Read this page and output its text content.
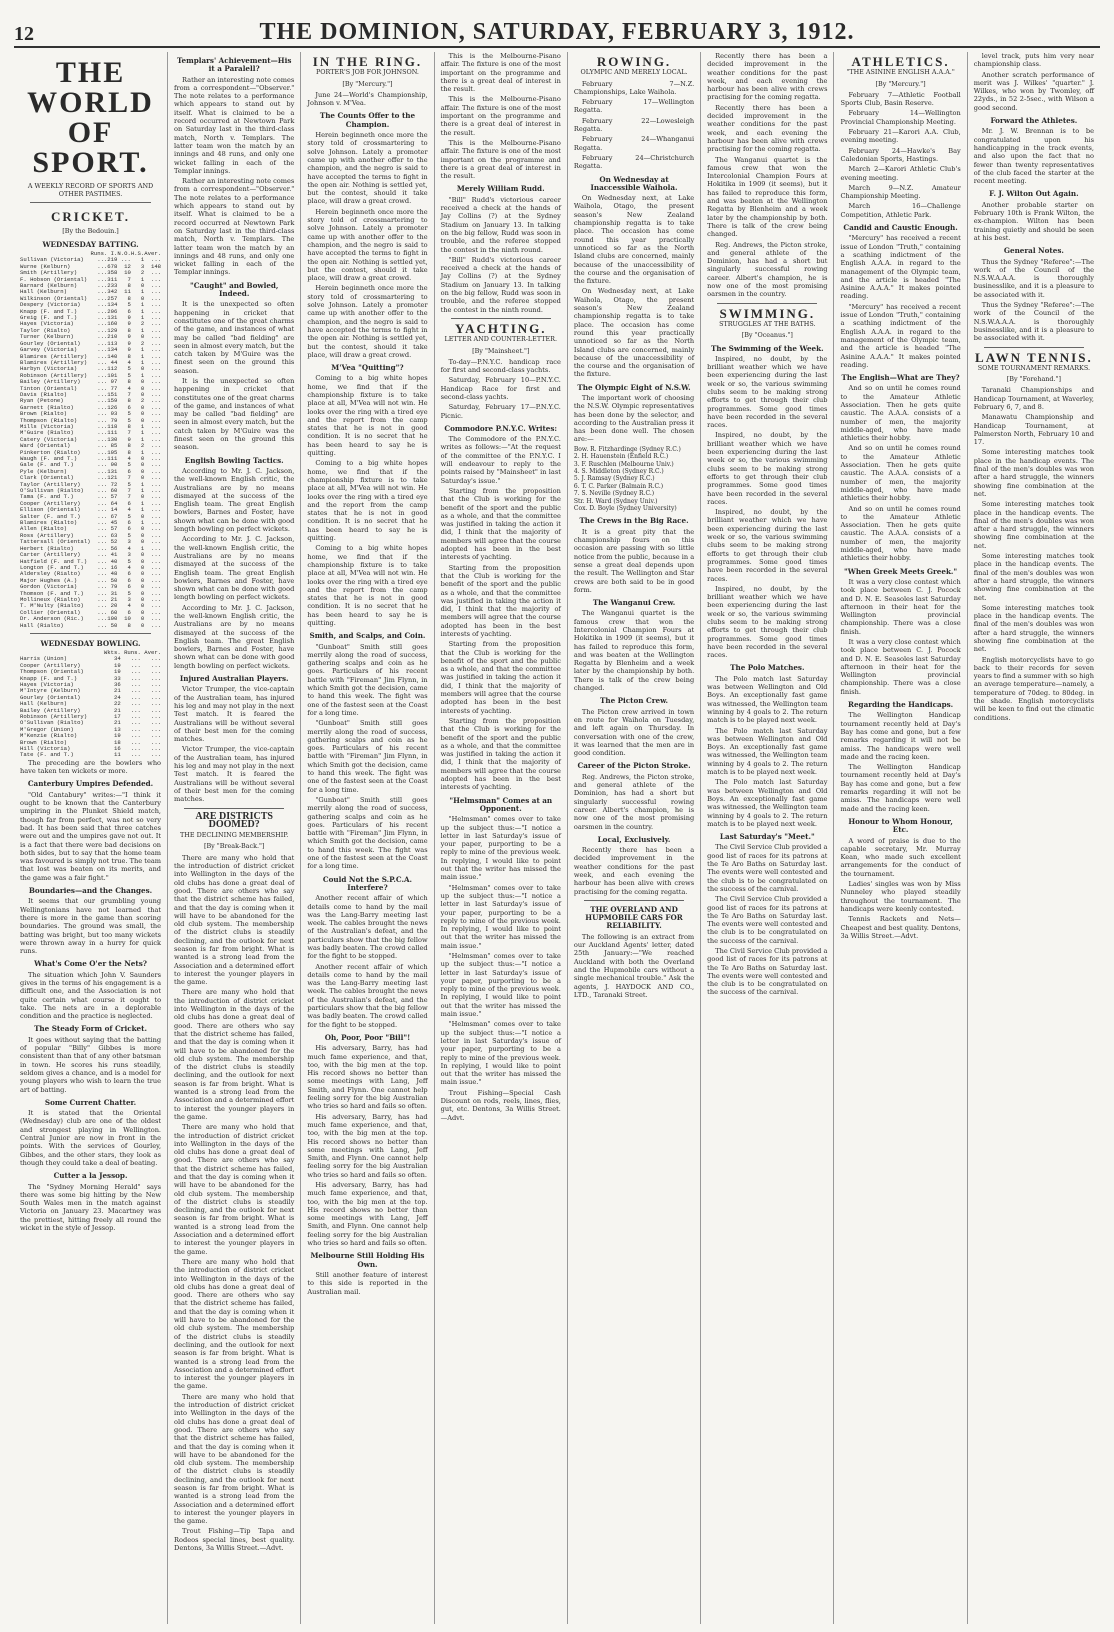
12	THE DOMINION, SATURDAY, FEBRUARY 3, 1912.
THE WORLD OF SPORT.
A WEEKLY RECORD OF SPORTS AND OTHER PASTIMES.
CRICKET.
[By the Bedouin.]
WEDNESDAY BATTING.
	Runs.	I.	N.O.	H.S.	Aver.
Sullivan (Victoria)	...	219	...	1	...
Wurne (Kelburn)	...	678	12	3	148
Smith (Artillery)	...	358	10	2	...
F. Hobson (Oriental)	...	311	7	1	...
Barnard (Kelburn)	...	233	8	0	...
Hall (Kelburn)	...	342	11	1	...
Wilkinson (Oriental)	...	257	8	0	...
Despery (Victoria)	...	134	5	1	...
Knapp (F. and T.)	...	206	6	1	...
Greig (F. and T.)	...	131	9	1	...
Hayes (Victoria)	...	160	9	2	...
Taylor (Rialto)	...	129	8	1	...
Turner (Kelburn)	...	210	9	0	...
Gourley (Oriental)	...	113	9	2	...
Garvey (Victoria)	...	134	9	1	...
Blamires (Artillery)	...	140	8	1	...
Blamires (Artillery)	...	44	4	1	...
Harbyn (Victoria)	...	112	5	0	...
Robinson (Artillery)	...	101	5	1	...
Bailey (Artillery)	...	97	8	0	...
Tinton (Oriental)	...	77	4	0	...
Davis (Rialto)	...	151	7	0	...
Ryan (Petone)	...	159	8	2	...
Garnett (Rialto)	...	126	6	0	...
Brown (Rialto)	...	93	5	0	...
Thompson (Rialto)	...	79	5	0	...
Mills (Victoria)	...	118	8	1	...
M'Guire (Rialto)	...	111	7	1	...
Catery (Victoria)	...	130	9	1	...
Ward (Oriental)	...	85	8	2	...
Pinkerton (Rialto)	...	105	8	1	...
Waugh (F. and T.)	...	111	4	0	...
Gale (F. and T.)	...	90	5	0	...
Pyle (Kelburn)	...	131	6	0	...
Clark (Oriental)	...	121	7	0	...
Taylor (Artillery)	...	72	5	1	...
O'Sullivan (Rialto)	...	60	7	1	...
Tama (F. and T.)	...	57	7	0	...
Cooper (Artillery)	...	64	6	1	...
Ellison (Oriental)	...	14	4	1	...
Salter (F. and T.)	...	67	5	0	...
Blamires (Rialto)	...	45	6	1	...
Allen (Rialto)	...	57	6	0	...
Ross (Artillery)	...	63	5	0	...
Tattersall (Oriental)	...	52	3	0	...
Herbert (Rialto)	...	56	4	1	...
Carter (Artillery)	...	41	3	0	...
Hatfield (F. and T.)	...	40	5	0	...
Longton (F. and T.)	...	16	4	0	...
Aldersley (Rialto)	...	48	6	0	...
Major Hughes (A.)	...	50	6	0	...
Gordon (Victoria)	...	79	6	0	...
Thomson (F. and T.)	...	31	5	0	...
Mollineux (Rialto)	...	21	3	0	...
T. M'Nulty (Rialto)	...	20	4	0	...
Collier (Oriental)	...	60	6	0	...
Dr. Anderson (Ric.)	...	100	10	0	...
Hall (Rialto)	...	50	8	0	...
WEDNESDAY BOWLING.
	Wkts.	Runs.	Aver.
Harris (Union)	34	...	...
Cooper (Artillery)	19	...	...
Thompson (Oriental)	19	...	...
Knapp (F. and T.)	33	...	...
Hayes (Victoria)	36	...	...
M'Intyre (Kelburn)	21	...	...
Gourley (Oriental)	24	...	...
Hall (Kelburn)	22	...	...
Bailey (Artillery)	21	...	...
Robinson (Artillery)	17	...	...
O'Sullivan (Rialto)	21	...	...
M'Gregor (Union)	13	...	...
M'Kenzie (Rialto)	19	...	...
Brown (Rialto)	18	...	...
Hill (Victoria)	16	...	...
Tate (F. and T.)	11	...	...

The preceding are the bowlers who have taken ten wickets or more.

Canterbury Umpires Defended.

"Old Cantabury" writes:—"I think it ought to be known that the Canterbury umpiring in the Plunket Shield match, though far from perfect, was not so very bad. It has been said that three catches were out and the umpires gave not out. It is a fact that there were bad decisions on both sides, but to say that the home team was favoured is simply not true. The team that lost was beaten on its merits, and the game was a fair fight."

Boundaries—and the Changes.

It seems that our grumbling young Wellingtonians have not learned that there is more in the game than scoring boundaries. The ground was small, the batting was bright, but too many wickets were thrown away in a hurry for quick runs.

What's Come O'er the Nets?

The situation which John V. Saunders gives in the terms of his engagement is a difficult one, and the Association is not quite certain what course it ought to take. The nets are in a deplorable condition and the practice is neglected.

The Steady Form of Cricket.

It goes without saying that the batting of popular "Billy" Gibbes is more consistent than that of any other batsman in town. He scores his runs steadily, seldom gives a chance, and is a model for young players who wish to learn the true art of batting.

Some Current Chatter.

It is stated that the Oriental (Wednesday) club are one of the oldest and strongest playing in Wellington. Central Junior are now in front in the points. With the services of Gourley, Gibbes, and the other stars, they look as though they could take a deal of beating.

Cutter a la Jessop.

The "Sydney Morning Herald" says there was some big hitting by the New South Wales men in the match against Victoria on January 23. Macartney was the prettiest, hitting freely all round the wicket in the style of Jessop.

Templars' Achievement—His it a Paralell?

Rather an interesting note comes from a correspondent—"Observer." The note relates to a performance which appears to stand out by itself. What is claimed to be a record occurred at Newtown Park on Saturday last in the third-class match, North v. Templars. The latter team won the match by an innings and 48 runs, and only one wicket falling in each of the Templar innings.

Rather an interesting note comes from a correspondent—"Observer." The note relates to a performance which appears to stand out by itself. What is claimed to be a record occurred at Newtown Park on Saturday last in the third-class match, North v. Templars. The latter team won the match by an innings and 48 runs, and only one wicket falling in each of the Templar innings.

"Caught" and Bowled, Indeed.

It is the unexpected so often happening in cricket that constitutes one of the great charms of the game, and instances of what may be called "bad fielding" are seen in almost every match, but the catch taken by M'Guire was the finest seen on the ground this season.

It is the unexpected so often happening in cricket that constitutes one of the great charms of the game, and instances of what may be called "bad fielding" are seen in almost every match, but the catch taken by M'Guire was the finest seen on the ground this season.

English Bowling Tactics.

According to Mr. J. C. Jackson, the well-known English critic, the Australians are by no means dismayed at the success of the English team. The great English bowlers, Barnes and Foster, have shown what can be done with good length bowling on perfect wickets.

According to Mr. J. C. Jackson, the well-known English critic, the Australians are by no means dismayed at the success of the English team. The great English bowlers, Barnes and Foster, have shown what can be done with good length bowling on perfect wickets.

According to Mr. J. C. Jackson, the well-known English critic, the Australians are by no means dismayed at the success of the English team. The great English bowlers, Barnes and Foster, have shown what can be done with good length bowling on perfect wickets.

Injured Australian Players.

Victor Trumper, the vice-captain of the Australian team, has injured his leg and may not play in the next Test match. It is feared the Australians will be without several of their best men for the coming matches.

Victor Trumper, the vice-captain of the Australian team, has injured his leg and may not play in the next Test match. It is feared the Australians will be without several of their best men for the coming matches.

ARE DISTRICTS DOOMED?
THE DECLINING MEMBERSHIP.
[By "Break-Back."]

There are many who hold that the introduction of district cricket into Wellington in the days of the old clubs has done a great deal of good. There are others who say that the district scheme has failed, and that the day is coming when it will have to be abandoned for the old club system. The membership of the district clubs is steadily declining, and the outlook for next season is far from bright. What is wanted is a strong lead from the Association and a determined effort to interest the younger players in the game.

There are many who hold that the introduction of district cricket into Wellington in the days of the old clubs has done a great deal of good. There are others who say that the district scheme has failed, and that the day is coming when it will have to be abandoned for the old club system. The membership of the district clubs is steadily declining, and the outlook for next season is far from bright. What is wanted is a strong lead from the Association and a determined effort to interest the younger players in the game.

There are many who hold that the introduction of district cricket into Wellington in the days of the old clubs has done a great deal of good. There are others who say that the district scheme has failed, and that the day is coming when it will have to be abandoned for the old club system. The membership of the district clubs is steadily declining, and the outlook for next season is far from bright. What is wanted is a strong lead from the Association and a determined effort to interest the younger players in the game.

There are many who hold that the introduction of district cricket into Wellington in the days of the old clubs has done a great deal of good. There are others who say that the district scheme has failed, and that the day is coming when it will have to be abandoned for the old club system. The membership of the district clubs is steadily declining, and the outlook for next season is far from bright. What is wanted is a strong lead from the Association and a determined effort to interest the younger players in the game.

There are many who hold that the introduction of district cricket into Wellington in the days of the old clubs has done a great deal of good. There are others who say that the district scheme has failed, and that the day is coming when it will have to be abandoned for the old club system. The membership of the district clubs is steadily declining, and the outlook for next season is far from bright. What is wanted is a strong lead from the Association and a determined effort to interest the younger players in the game.

Trout Fishing—Tip Tapa and Rodeos special lines, best quality. Dentons, 3a Willis Street.—Advt.

IN THE RING.
PORTER'S JOB FOR JOHNSON.
[By "Mercury."]

June 24—World's Championship, Johnson v. M'Vea.

The Counts Offer to the Champion.

Herein beginneth once more the story told of crossmartering to solve Johnson. Lately a promoter came up with another offer to the champion, and the negro is said to have accepted the terms to fight in the open air. Nothing is settled yet, but the contest, should it take place, will draw a great crowd.

Herein beginneth once more the story told of crossmartering to solve Johnson. Lately a promoter came up with another offer to the champion, and the negro is said to have accepted the terms to fight in the open air. Nothing is settled yet, but the contest, should it take place, will draw a great crowd.

Herein beginneth once more the story told of crossmartering to solve Johnson. Lately a promoter came up with another offer to the champion, and the negro is said to have accepted the terms to fight in the open air. Nothing is settled yet, but the contest, should it take place, will draw a great crowd.

M'Vea "Quitting"?

Coming to a big white hopes home, we find that if the championship fixture is to take place at all, M'Vea will not win. He looks over the ring with a tired eye and the report from the camp states that he is not in good condition. It is no secret that he has been heard to say he is quitting.

Coming to a big white hopes home, we find that if the championship fixture is to take place at all, M'Vea will not win. He looks over the ring with a tired eye and the report from the camp states that he is not in good condition. It is no secret that he has been heard to say he is quitting.

Coming to a big white hopes home, we find that if the championship fixture is to take place at all, M'Vea will not win. He looks over the ring with a tired eye and the report from the camp states that he is not in good condition. It is no secret that he has been heard to say he is quitting.

Smith, and Scalps, and Coin.

"Gunboat" Smith still goes merrily along the road of success, gathering scalps and coin as he goes. Particulars of his recent battle with "Fireman" Jim Flynn, in which Smith got the decision, came to hand this week. The fight was one of the fastest seen at the Coast for a long time.

"Gunboat" Smith still goes merrily along the road of success, gathering scalps and coin as he goes. Particulars of his recent battle with "Fireman" Jim Flynn, in which Smith got the decision, came to hand this week. The fight was one of the fastest seen at the Coast for a long time.

"Gunboat" Smith still goes merrily along the road of success, gathering scalps and coin as he goes. Particulars of his recent battle with "Fireman" Jim Flynn, in which Smith got the decision, came to hand this week. The fight was one of the fastest seen at the Coast for a long time.

Could Not the S.P.C.A. Interfere?

Another recent affair of which details come to hand by the mail was the Lang-Barry meeting last week. The cables brought the news of the Australian's defeat, and the particulars show that the big fellow was badly beaten. The crowd called for the fight to be stopped.

Another recent affair of which details come to hand by the mail was the Lang-Barry meeting last week. The cables brought the news of the Australian's defeat, and the particulars show that the big fellow was badly beaten. The crowd called for the fight to be stopped.

Oh, Poor, Poor "Bill"!

His adversary, Barry, has had much fame experience, and that, too, with the big men at the top. His record shows no better than some meetings with Lang, Jeff Smith, and Flynn. One cannot help feeling sorry for the big Australian who tries so hard and fails so often.

His adversary, Barry, has had much fame experience, and that, too, with the big men at the top. His record shows no better than some meetings with Lang, Jeff Smith, and Flynn. One cannot help feeling sorry for the big Australian who tries so hard and fails so often.

His adversary, Barry, has had much fame experience, and that, too, with the big men at the top. His record shows no better than some meetings with Lang, Jeff Smith, and Flynn. One cannot help feeling sorry for the big Australian who tries so hard and fails so often.

Melbourne Still Holding His Own.

Still another feature of interest to this side is reported in the Australian mail.

This is the Melbourne-Pisano affair. The fixture is one of the most important on the programme and there is a great deal of interest in the result.

This is the Melbourne-Pisano affair. The fixture is one of the most important on the programme and there is a great deal of interest in the result.

This is the Melbourne-Pisano affair. The fixture is one of the most important on the programme and there is a great deal of interest in the result.

Merely William Rudd.

"Bill" Rudd's victorious career received a check at the hands of Jay Collins (?) at the Sydney Stadium on January 13. In talking on the big fellow, Rudd was soon in trouble, and the referee stopped the contest in the ninth round.

"Bill" Rudd's victorious career received a check at the hands of Jay Collins (?) at the Sydney Stadium on January 13. In talking on the big fellow, Rudd was soon in trouble, and the referee stopped the contest in the ninth round.

YACHTING.
LETTER AND COUNTER-LETTER.
[By "Mainsheet."]

To-day—P.N.Y.C. handicap race for first and second-class yachts.

Saturday, February 10—P.N.Y.C. Handicap Race for first and second-class yachts.

Saturday, February 17—P.N.Y.C. Picnic.

Commodore P.N.Y.C. Writes:

The Commodore of the P.N.Y.C. writes as follows:—"At the request of the committee of the P.N.Y.C. I will endeavour to reply to the points raised by "Mainsheet" in last Saturday's issue."

Starting from the proposition that the Club is working for the benefit of the sport and the public as a whole, and that the committee was justified in taking the action it did, I think that the majority of members will agree that the course adopted has been in the best interests of yachting.

Starting from the proposition that the Club is working for the benefit of the sport and the public as a whole, and that the committee was justified in taking the action it did, I think that the majority of members will agree that the course adopted has been in the best interests of yachting.

Starting from the proposition that the Club is working for the benefit of the sport and the public as a whole, and that the committee was justified in taking the action it did, I think that the majority of members will agree that the course adopted has been in the best interests of yachting.

Starting from the proposition that the Club is working for the benefit of the sport and the public as a whole, and that the committee was justified in taking the action it did, I think that the majority of members will agree that the course adopted has been in the best interests of yachting.

"Helmsman" Comes at an Opponent.

"Helmsman" comes over to take up the subject thus:—"I notice a letter in last Saturday's issue of your paper, purporting to be a reply to mine of the previous week. In replying, I would like to point out that the writer has missed the main issue."

"Helmsman" comes over to take up the subject thus:—"I notice a letter in last Saturday's issue of your paper, purporting to be a reply to mine of the previous week. In replying, I would like to point out that the writer has missed the main issue."

"Helmsman" comes over to take up the subject thus:—"I notice a letter in last Saturday's issue of your paper, purporting to be a reply to mine of the previous week. In replying, I would like to point out that the writer has missed the main issue."

"Helmsman" comes over to take up the subject thus:—"I notice a letter in last Saturday's issue of your paper, purporting to be a reply to mine of the previous week. In replying, I would like to point out that the writer has missed the main issue."

Trout Fishing—Special Cash Discount on rods, reels, lines, flies, gut, etc. Dentons, 3a Willis Street.—Advt.

ROWING.
OLYMPIC AND MERELY LOCAL.

February 7—N.Z. Championships, Lake Waihola.

February 17—Wellington Regatta.

February 22—Lowesleigh Regatta.

February 24—Whanganui Regatta.

February 24—Christchurch Regatta.

On Wednesday at Inaccessible Waihola.

On Wednesday next, at Lake Waihola, Otago, the present season's New Zealand championship regatta is to take place. The occasion has come round this year practically unnoticed so far as the North Island clubs are concerned, mainly because of the unaccessibility of the course and the organisation of the fixture.

On Wednesday next, at Lake Waihola, Otago, the present season's New Zealand championship regatta is to take place. The occasion has come round this year practically unnoticed so far as the North Island clubs are concerned, mainly because of the unaccessibility of the course and the organisation of the fixture.

The Olympic Eight of N.S.W.

The important work of choosing the N.S.W. Olympic representatives has been done by the selector, and according to the Australian press it has been done well. The chosen are:—

Bow. R. Fitzhardinge (Sydney R.C.)
2. H. Hauenstein (Enfield R.C.)
3. F. Ruschlen (Melbourne Univ.)
4. S. Middleton (Sydney R.C.)
5. J. Ramsay (Sydney R.C.)
6. T. C. Parker (Balmain R.C.)
7. S. Neville (Sydney R.C.)
Str. H. Ward (Sydney Univ.)
Cox. D. Boyle (Sydney University)
The Crews in the Big Race.

It is a great pity that the championship fours on this occasion are passing with so little notice from the public, because in a sense a great deal depends upon the result. The Wellington and Star crews are both said to be in good form.

The Wanganui Crew.

The Wanganui quartet is the famous crew that won the Intercolonial Champion Fours at Hokitika in 1909 (it seems), but it has failed to reproduce this form, and was beaten at the Wellington Regatta by Blenheim and a week later by the championship by both. There is talk of the crew being changed.

The Picton Crew.

The Picton crew arrived in town en route for Waihola on Tuesday, and left again on Thursday. In conversation with one of the crew, it was learned that the men are in good condition.

Career of the Picton Stroke.

Reg. Andrews, the Picton stroke, and general athlete of the Dominion, has had a short but singularly successful rowing career. Albert's champion, he is now one of the most promising oarsmen in the country.

Local, Exclusively.

Recently there has been a decided improvement in the weather conditions for the past week, and each evening the harbour has been alive with crews practising for the coming regatta.

THE OVERLAND AND HUPMOBILE CARS FOR RELIABILITY.

The following is an extract from our Auckland Agents' letter, dated 25th January:—"We reached Auckland with both the Overland and the Hupmobile cars without a single mechanical trouble." Ask the agents, J. HAYDOCK AND CO., LTD., Taranaki Street.

Recently there has been a decided improvement in the weather conditions for the past week, and each evening the harbour has been alive with crews practising for the coming regatta.

Recently there has been a decided improvement in the weather conditions for the past week, and each evening the harbour has been alive with crews practising for the coming regatta.

The Wanganui quartet is the famous crew that won the Intercolonial Champion Fours at Hokitika in 1909 (it seems), but it has failed to reproduce this form, and was beaten at the Wellington Regatta by Blenheim and a week later by the championship by both. There is talk of the crew being changed.

Reg. Andrews, the Picton stroke, and general athlete of the Dominion, has had a short but singularly successful rowing career. Albert's champion, he is now one of the most promising oarsmen in the country.

SWIMMING.
STRUGGLES AT THE BATHS.
[By "Oceanus."]
The Swimming of the Week.

Inspired, no doubt, by the brilliant weather which we have been experiencing during the last week or so, the various swimming clubs seem to be making strong efforts to get through their club programmes. Some good times have been recorded in the several races.

Inspired, no doubt, by the brilliant weather which we have been experiencing during the last week or so, the various swimming clubs seem to be making strong efforts to get through their club programmes. Some good times have been recorded in the several races.

Inspired, no doubt, by the brilliant weather which we have been experiencing during the last week or so, the various swimming clubs seem to be making strong efforts to get through their club programmes. Some good times have been recorded in the several races.

Inspired, no doubt, by the brilliant weather which we have been experiencing during the last week or so, the various swimming clubs seem to be making strong efforts to get through their club programmes. Some good times have been recorded in the several races.

The Polo Matches.

The Polo match last Saturday was between Wellington and Old Boys. An exceptionally fast game was witnessed, the Wellington team winning by 4 goals to 2. The return match is to be played next week.

The Polo match last Saturday was between Wellington and Old Boys. An exceptionally fast game was witnessed, the Wellington team winning by 4 goals to 2. The return match is to be played next week.

The Polo match last Saturday was between Wellington and Old Boys. An exceptionally fast game was witnessed, the Wellington team winning by 4 goals to 2. The return match is to be played next week.

Last Saturday's "Meet."

The Civil Service Club provided a good list of races for its patrons at the Te Aro Baths on Saturday last. The events were well contested and the club is to be congratulated on the success of the carnival.

The Civil Service Club provided a good list of races for its patrons at the Te Aro Baths on Saturday last. The events were well contested and the club is to be congratulated on the success of the carnival.

The Civil Service Club provided a good list of races for its patrons at the Te Aro Baths on Saturday last. The events were well contested and the club is to be congratulated on the success of the carnival.

ATHLETICS.
"THE ASININE ENGLISH A.A.A."
[By "Mercury."]

February 7—Athletic Football Sports Club, Basin Reserve.

February 14—Wellington Provincial Championship Meeting.

February 21—Karori A.A. Club, evening meeting.

February 24—Hawke's Bay Caledonian Sports, Hastings.

March 2—Karori Athletic Club's evening meeting.

March 9—N.Z. Amateur Championship Meeting.

March 16—Challenge Competition, Athletic Park.

Candid and Caustic Enough.

"Mercury" has received a recent issue of London "Truth," containing a scathing indictment of the English A.A.A. in regard to the management of the Olympic team, and the article is headed "The Asinine A.A.A." It makes pointed reading.

"Mercury" has received a recent issue of London "Truth," containing a scathing indictment of the English A.A.A. in regard to the management of the Olympic team, and the article is headed "The Asinine A.A.A." It makes pointed reading.

The English—What are They?

And so on until he comes round to the Amateur Athletic Association. Then he gets quite caustic. The A.A.A. consists of a number of men, the majority middle-aged, who have made athletics their hobby.

And so on until he comes round to the Amateur Athletic Association. Then he gets quite caustic. The A.A.A. consists of a number of men, the majority middle-aged, who have made athletics their hobby.

And so on until he comes round to the Amateur Athletic Association. Then he gets quite caustic. The A.A.A. consists of a number of men, the majority middle-aged, who have made athletics their hobby.

"When Greek Meets Greek."

It was a very close contest which took place between C. J. Pocock and D. N. E. Seasoles last Saturday afternoon in their heat for the Wellington provincial championship. There was a close finish.

It was a very close contest which took place between C. J. Pocock and D. N. E. Seasoles last Saturday afternoon in their heat for the Wellington provincial championship. There was a close finish.

Regarding the Handicaps.

The Wellington Handicap tournament recently held at Day's Bay has come and gone, but a few remarks regarding it will not be amiss. The handicaps were well made and the racing keen.

The Wellington Handicap tournament recently held at Day's Bay has come and gone, but a few remarks regarding it will not be amiss. The handicaps were well made and the racing keen.

Honour to Whom Honour, Etc.

A word of praise is due to the capable secretary, Mr. Murray Kean, who made such excellent arrangements for the conduct of the tournament.

Ladies' singles was won by Miss Nunneley who played steadily throughout the tournament. The handicaps were keenly contested.

Tennis Rackets and Nets—Cheapest and best quality. Dentons, 3a Willis Street.—Advt.

level track, puts him very near championship class.

Another scratch performance of merit was J. Wilkes' "quarter." J. Wilkes, who won by Twomley, off 22yds., in 52 2-5sec., with Wilson a good second.

Forward the Athletes.

Mr. J. W. Brennan is to be congratulated upon his handicapping in the track events, and also upon the fact that no fewer than twenty representatives of the club faced the starter at the recent meeting.

F. J. Wilton Out Again.

Another probable starter on February 10th is Frank Wilton, the ex-champion. Wilton has been training quietly and should be seen at his best.

General Notes.

Thus the Sydney "Referee":—The work of the Council of the N.S.W.A.A.A. is thoroughly businesslike, and it is a pleasure to be associated with it.

Thus the Sydney "Referee":—The work of the Council of the N.S.W.A.A.A. is thoroughly businesslike, and it is a pleasure to be associated with it.

LAWN TENNIS.
SOME TOURNAMENT REMARKS.
[By "Forehand."]

Taranaki Championships and Handicap Tournament, at Waverley, February 6, 7, and 8.

Manawatu Championship and Handicap Tournament, at Palmerston North, February 10 and 17.

Some interesting matches took place in the handicap events. The final of the men's doubles was won after a hard struggle, the winners showing fine combination at the net.

Some interesting matches took place in the handicap events. The final of the men's doubles was won after a hard struggle, the winners showing fine combination at the net.

Some interesting matches took place in the handicap events. The final of the men's doubles was won after a hard struggle, the winners showing fine combination at the net.

Some interesting matches took place in the handicap events. The final of the men's doubles was won after a hard struggle, the winners showing fine combination at the net.

English motorcyclists have to go back to their records for seven years to find a summer with so high an average temperature—namely, a temperature of 70deg. to 80deg. in the shade. English motorcyclists will be keen to find out the climatic conditions.
